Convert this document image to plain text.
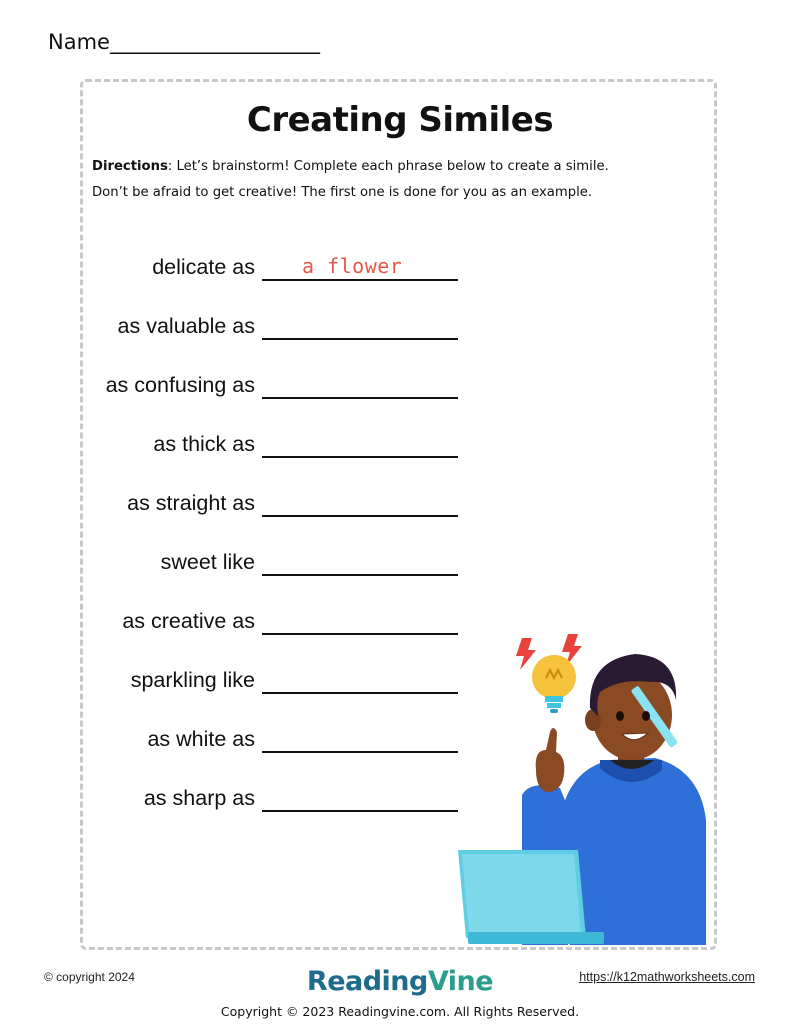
Name____________________
Creating Similes
Directions: Let’s brainstorm! Complete each phrase below to create a simile.
Don’t be afraid to get creative! The first one is done for you as an example.
delicate as a flower
as valuable as
as confusing as
as thick as
as straight as
sweet like
as creative as
sparkling like
as white as
as sharp as
© copyright 2024	ReadingVine	https://k12mathworksheets.com
Copyright © 2023 Readingvine.com. All Rights Reserved.
